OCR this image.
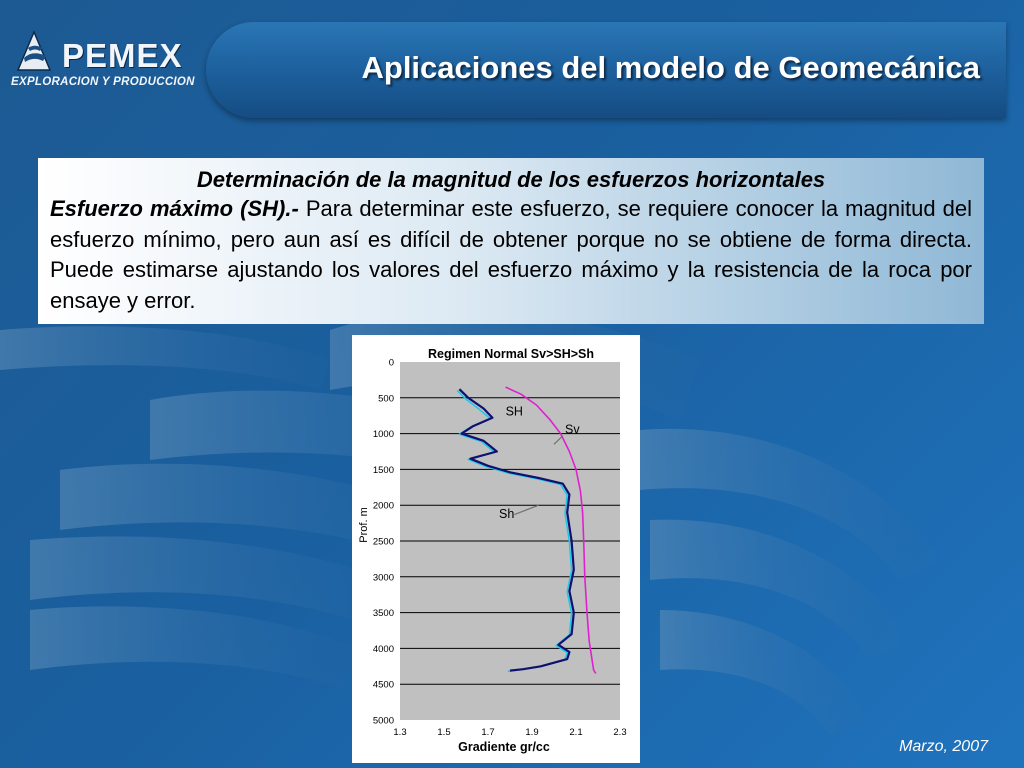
PEMEX
EXPLORACION Y PRODUCCION	Aplicaciones del modelo de Geomecánica
Determinación de la magnitud de los esfuerzos horizontales
Esfuerzo máximo (SH).- Para determinar este esfuerzo, se requiere conocer la magnitud del esfuerzo mínimo, pero aun así es difícil de obtener porque no se obtiene de forma directa. Puede estimarse ajustando los valores del esfuerzo máximo y la resistencia de la roca por ensaye y error.
Regimen Normal Sv>SH>Sh
Gradiente gr/cc
Prof. m
0
500
1000
1500
2000
2500
3000
3500
4000
4500
5000
1.3	1.5	1.7	1.9	2.1	2.3
SH
Sv
Sh
Marzo, 2007
